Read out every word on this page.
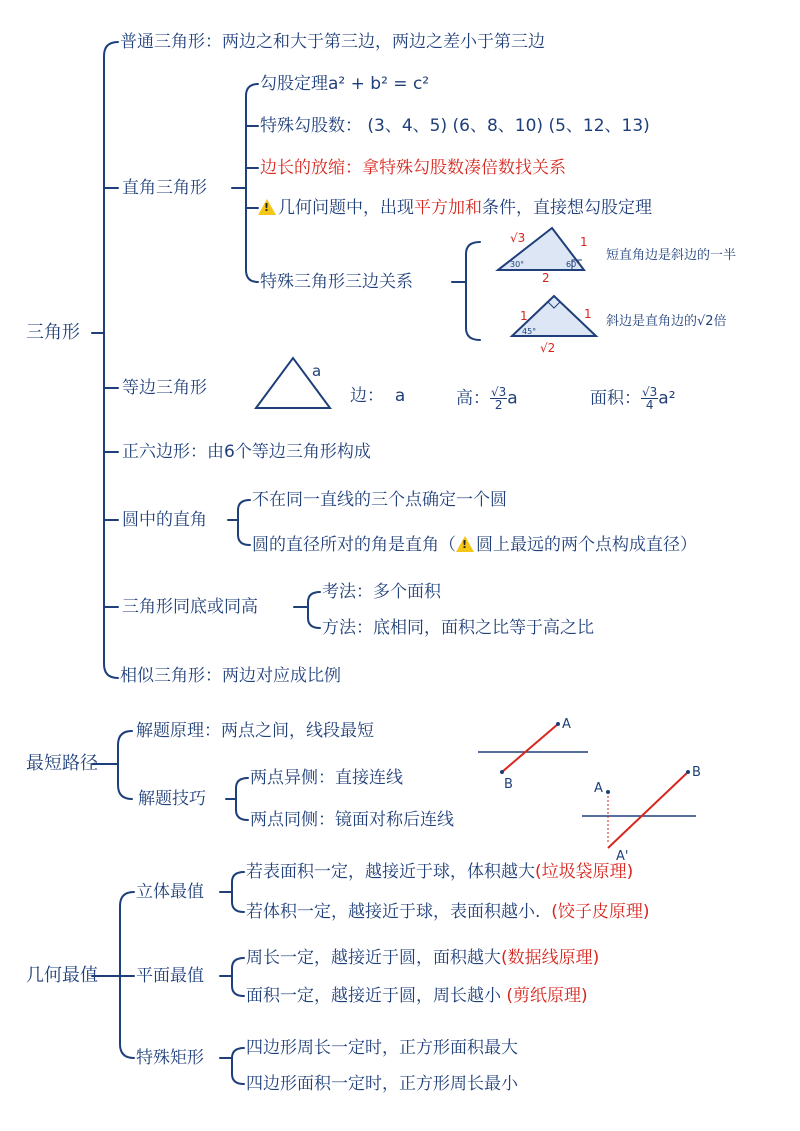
√3	1
2
30°	60°
短直角边是斜边的一半
1	1
√2
45°
斜边是直角边的√2倍
a
A
B	A
B
A'
三角形
普通三角形：两边之和大于第三边，两边之差小于第三边
直角三角形
勾股定理a² + b² = c²
特殊勾股数： (3、4、5) (6、8、10) (5、12、13)
边长的放缩：拿特殊勾股数凑倍数找关系
!几何问题中，出现平方加和条件，直接想勾股定理
特殊三角形三边关系
等边三角形	边： a	高： $\frac{√3}{2}$ a	面积： $\frac{√3}{4} a^2$
正六边形：由6个等边三角形构成
圆中的直角
不在同一直线的三个点确定一个圆
圆的直径所对的角是直角（! 圆上最远的两个点构成直径）
三角形同底或同高
考法：多个面积
方法：底相同，面积之比等于高之比
相似三角形：两边对应成比例
最短路径
解题原理：两点之间，线段最短
解题技巧
两点异侧：直接连线
两点同侧：镜面对称后连线
几何最值
立体最值
若表面积一定，越接近于球，体积越大(垃圾袋原理)
若体积一定，越接近于球，表面积越小. (饺子皮原理)
平面最值
周长一定，越接近于圆，面积越大(数据线原理)
面积一定，越接近于圆，周长越小 (剪纸原理)
特殊矩形 四边形周长一定时，正方形面积最大
四边形面积一定时，正方形周长最小
